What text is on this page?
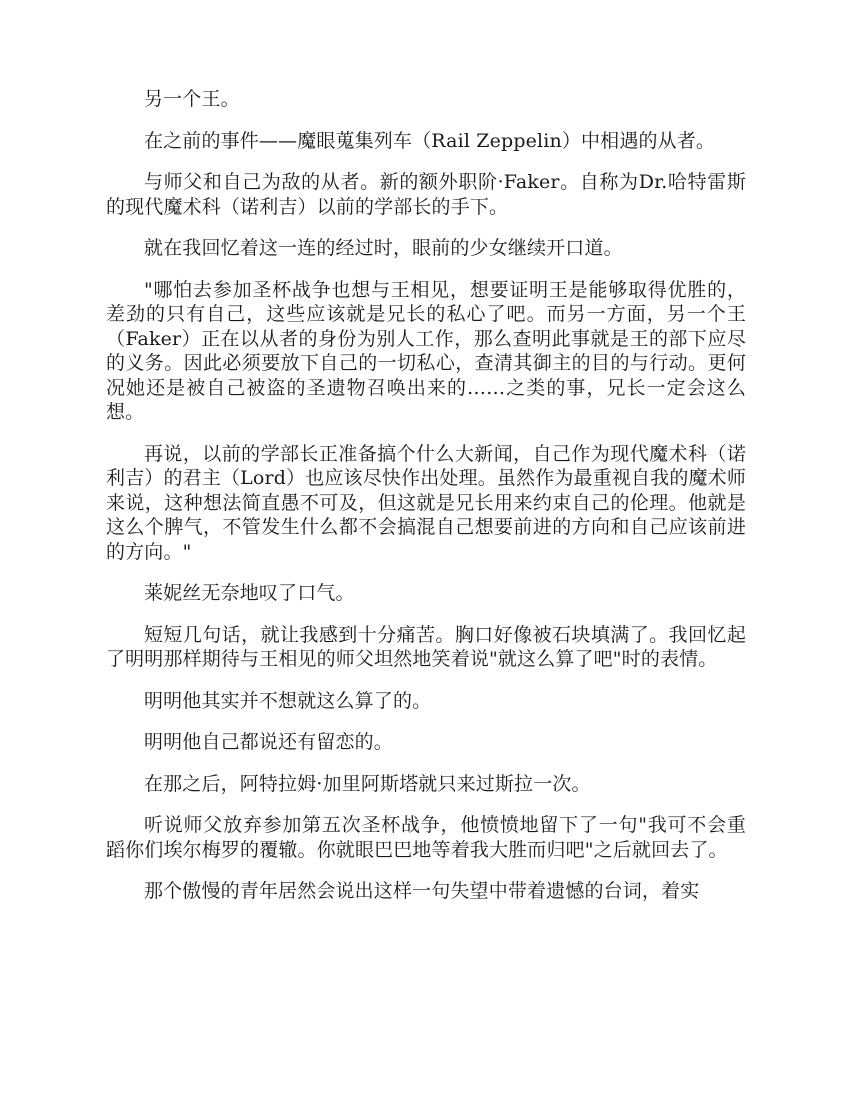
另一个王。

在之前的事件——魔眼蒐集列车（Rail Zeppelin）中相遇的从者。

与师父和自己为敌的从者。新的额外职阶·Faker。自称为Dr.哈特雷斯的现代魔术科（诺利吉）以前的学部长的手下。

就在我回忆着这一连的经过时，眼前的少女继续开口道。

"哪怕去参加圣杯战争也想与王相见，想要证明王是能够取得优胜的，差劲的只有自己，这些应该就是兄长的私心了吧。而另一方面，另一个王（Faker）正在以从者的身份为别人工作，那么查明此事就是王的部下应尽的义务。因此必须要放下自己的一切私心，查清其御主的目的与行动。更何况她还是被自己被盗的圣遗物召唤出来的……之类的事，兄长一定会这么想。

再说，以前的学部长正准备搞个什么大新闻，自己作为现代魔术科（诺利吉）的君主（Lord）也应该尽快作出处理。虽然作为最重视自我的魔术师来说，这种想法简直愚不可及，但这就是兄长用来约束自己的伦理。他就是这么个脾气，不管发生什么都不会搞混自己想要前进的方向和自己应该前进的方向。"

莱妮丝无奈地叹了口气。

短短几句话，就让我感到十分痛苦。胸口好像被石块填满了。我回忆起了明明那样期待与王相见的师父坦然地笑着说"就这么算了吧"时的表情。

明明他其实并不想就这么算了的。

明明他自己都说还有留恋的。

在那之后，阿特拉姆·加里阿斯塔就只来过斯拉一次。

听说师父放弃参加第五次圣杯战争，他愤愤地留下了一句"我可不会重蹈你们埃尔梅罗的覆辙。你就眼巴巴地等着我大胜而归吧"之后就回去了。

那个傲慢的青年居然会说出这样一句失望中带着遗憾的台词，着实
